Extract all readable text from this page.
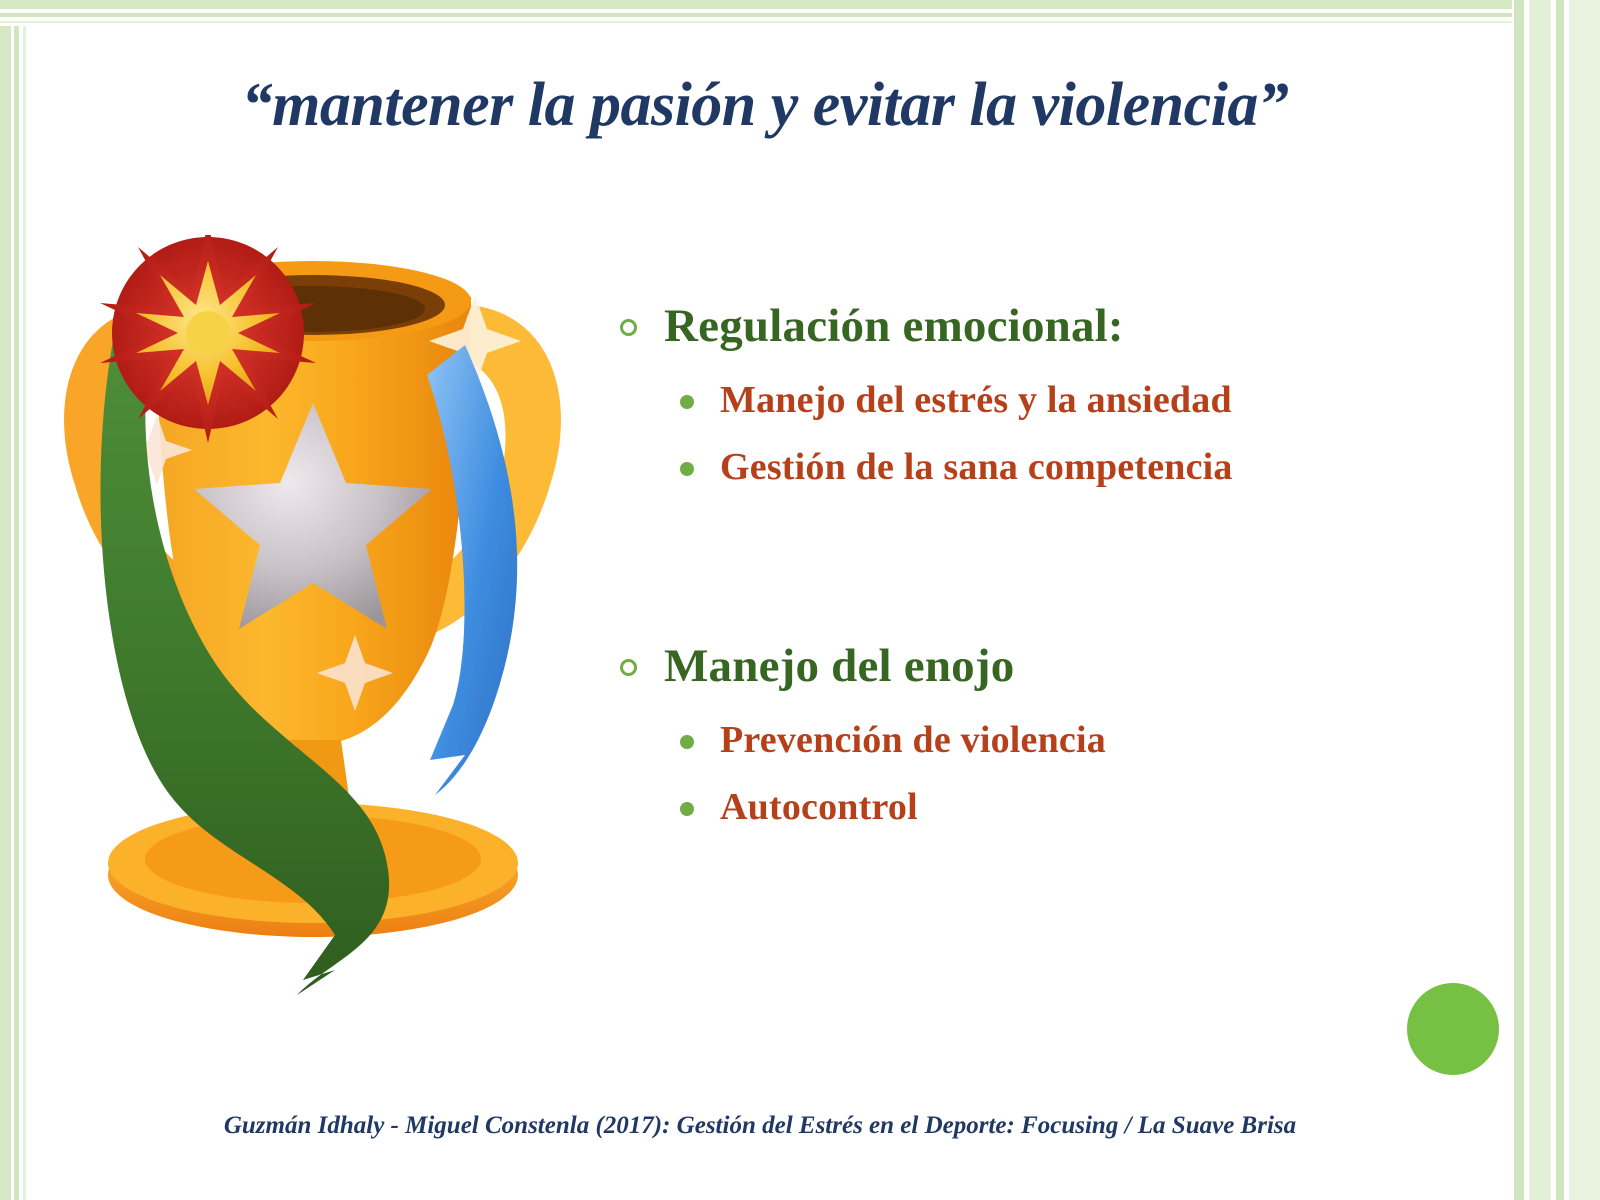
“mantener la pasión y evitar la violencia”
Regulación emocional:
Manejo del estrés y la ansiedad
Gestión de la sana competencia
Manejo del enojo
Prevención de violencia
Autocontrol
Guzmán Idhaly - Miguel Constenla (2017): Gestión del Estrés en el Deporte: Focusing / La Suave Brisa
